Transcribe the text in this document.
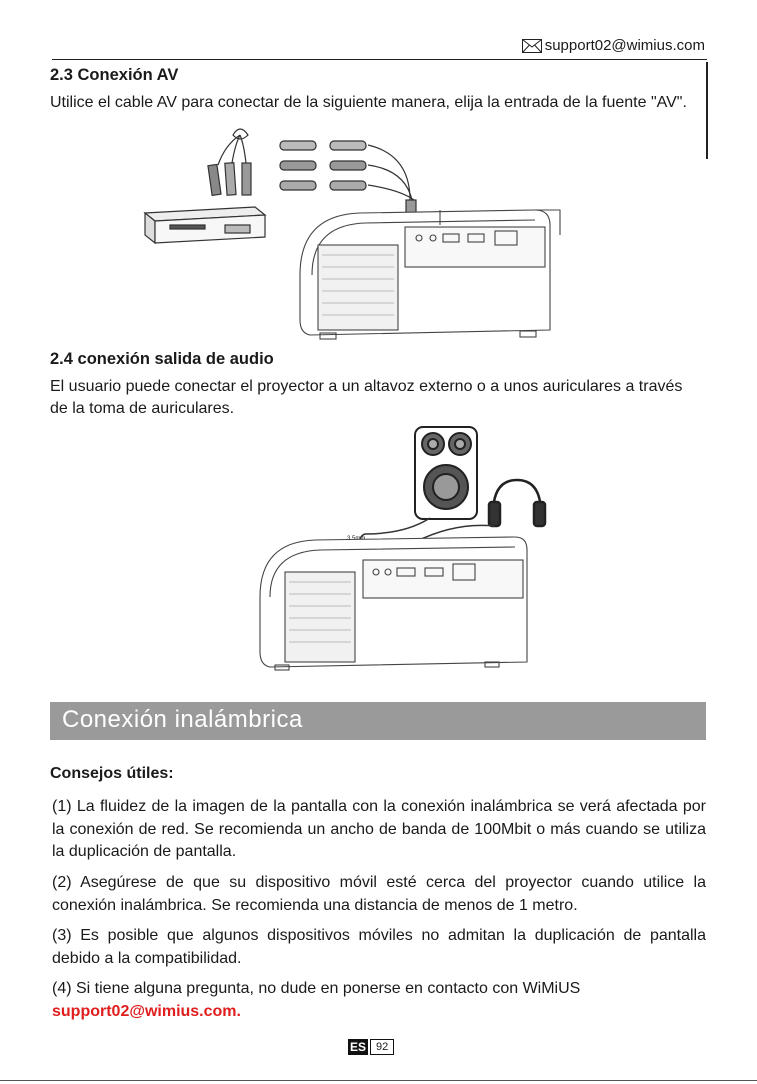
support02@wimius.com
2.3 Conexión AV
Utilice el cable AV para conectar de la siguiente manera, elija la entrada de la fuente "AV".
2.4 conexión salida de audio
El usuario puede conectar el proyector a un altavoz externo o a unos auriculares a través
de la toma de auriculares.
Conexión inalámbrica
Consejos útiles:
(1) La fluidez de la imagen de la pantalla con la conexión inalámbrica se verá afectada por la conexión de red. Se recomienda un ancho de banda de 100Mbit o más cuando se utiliza la duplicación de pantalla.
(2) Asegúrese de que su dispositivo móvil esté cerca del proyector cuando utilice la conexión inalámbrica. Se recomienda una distancia de menos de 1 metro.
(3) Es posible que algunos dispositivos móviles no admitan la duplicación de pantalla debido a la compatibilidad.
(4) Si tiene alguna pregunta, no dude en ponerse en contacto con WiMiUS
support02@wimius.com.
ES 92
